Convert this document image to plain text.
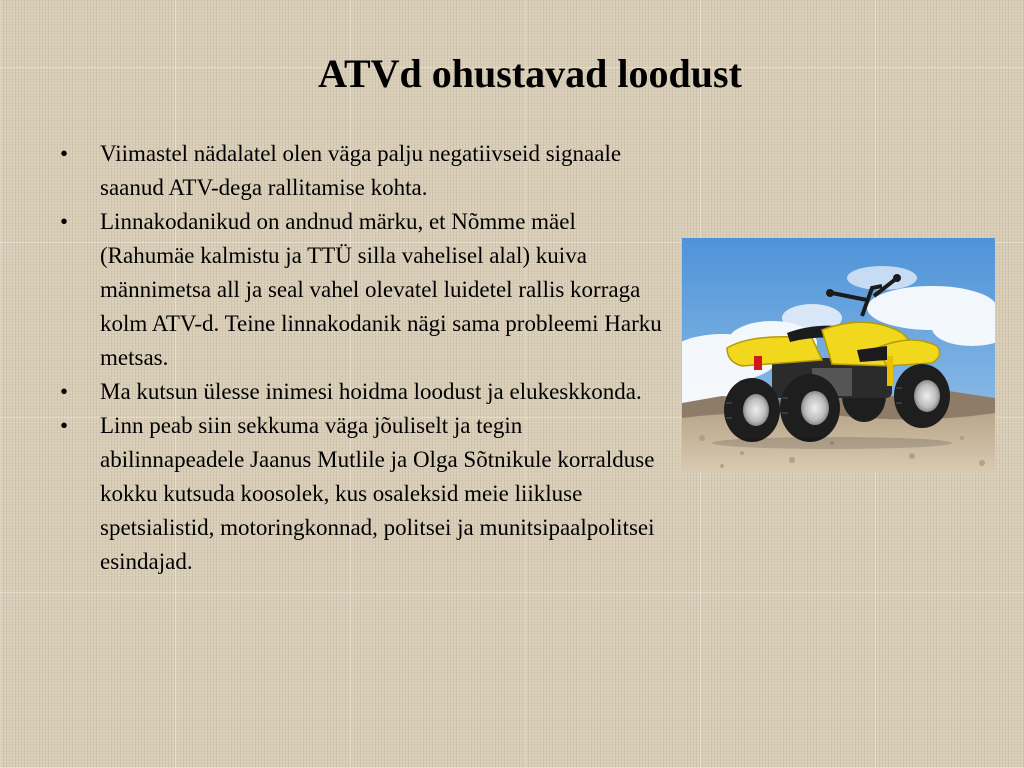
ATVd ohustavad loodust
• Viimastel nädalatel olen väga palju negatiivseid signaale saanud ATV-dega rallitamise kohta.
• Linnakodanikud on andnud märku, et Nõmme mäel (Rahumäe kalmistu ja TTÜ silla vahelisel alal) kuiva männimetsa all ja seal vahel olevatel luidetel rallis korraga kolm ATV-d. Teine linnakodanik nägi sama probleemi Harku metsas.
• Ma kutsun ülesse inimesi hoidma loodust ja elukeskkonda.
• Linn peab siin sekkuma väga jõuliselt ja tegin abilinnapeadele Jaanus Mutlile ja Olga Sõtnikule korralduse kokku kutsuda koosolek, kus osaleksid meie liikluse spetsialistid, motoringkonnad, politsei ja munitsipaalpolitsei esindajad.
